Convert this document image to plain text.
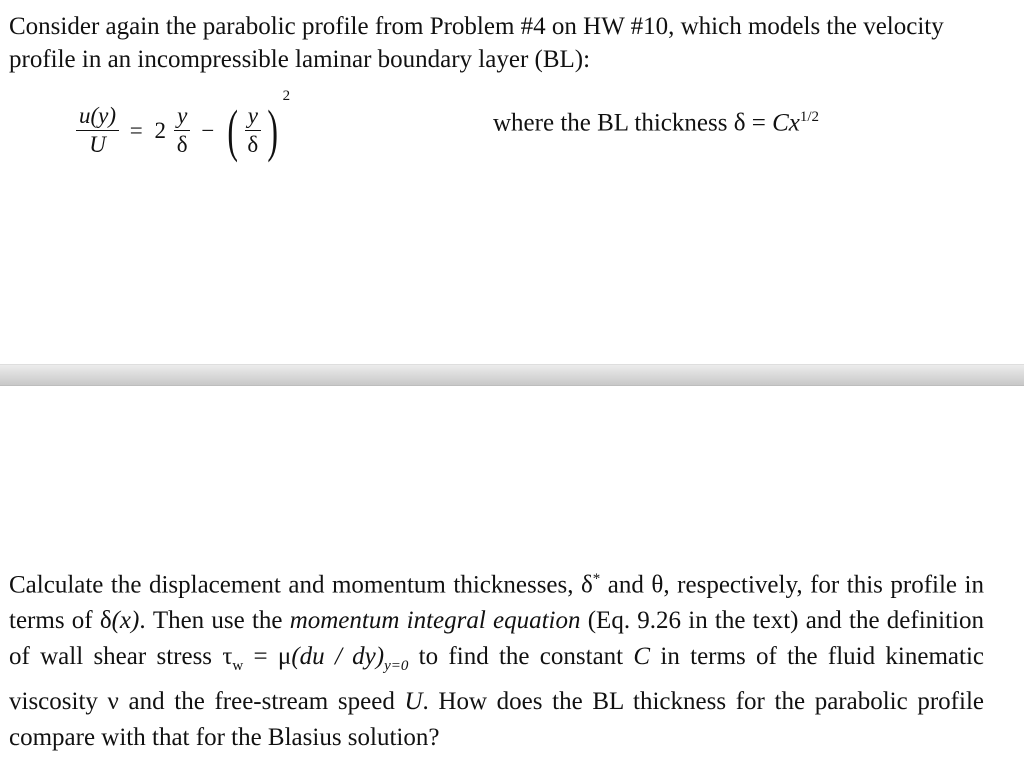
Consider again the parabolic profile from Problem #4 on HW #10, which models the velocity profile in an incompressible laminar boundary layer (BL):
$\frac{u(y)}{U} = 2 \frac{y}{\delta}$ − ( $\frac{y}{\delta} )^2$
where the BL thickness $\delta = Cx^{1/2}$
Calculate the displacement and momentum thicknesses, δ* and θ, respectively, for this profile in terms of δ(x). Then use the momentum integral equation (Eq. 9.26 in the text) and the definition of wall shear stress $\tau_w = \mu(du / dy)_{y=0}$ to find the constant C in terms of the fluid kinematic viscosity ν and the free-stream speed U. How does the BL thickness for the parabolic profile compare with that for the Blasius solution?
